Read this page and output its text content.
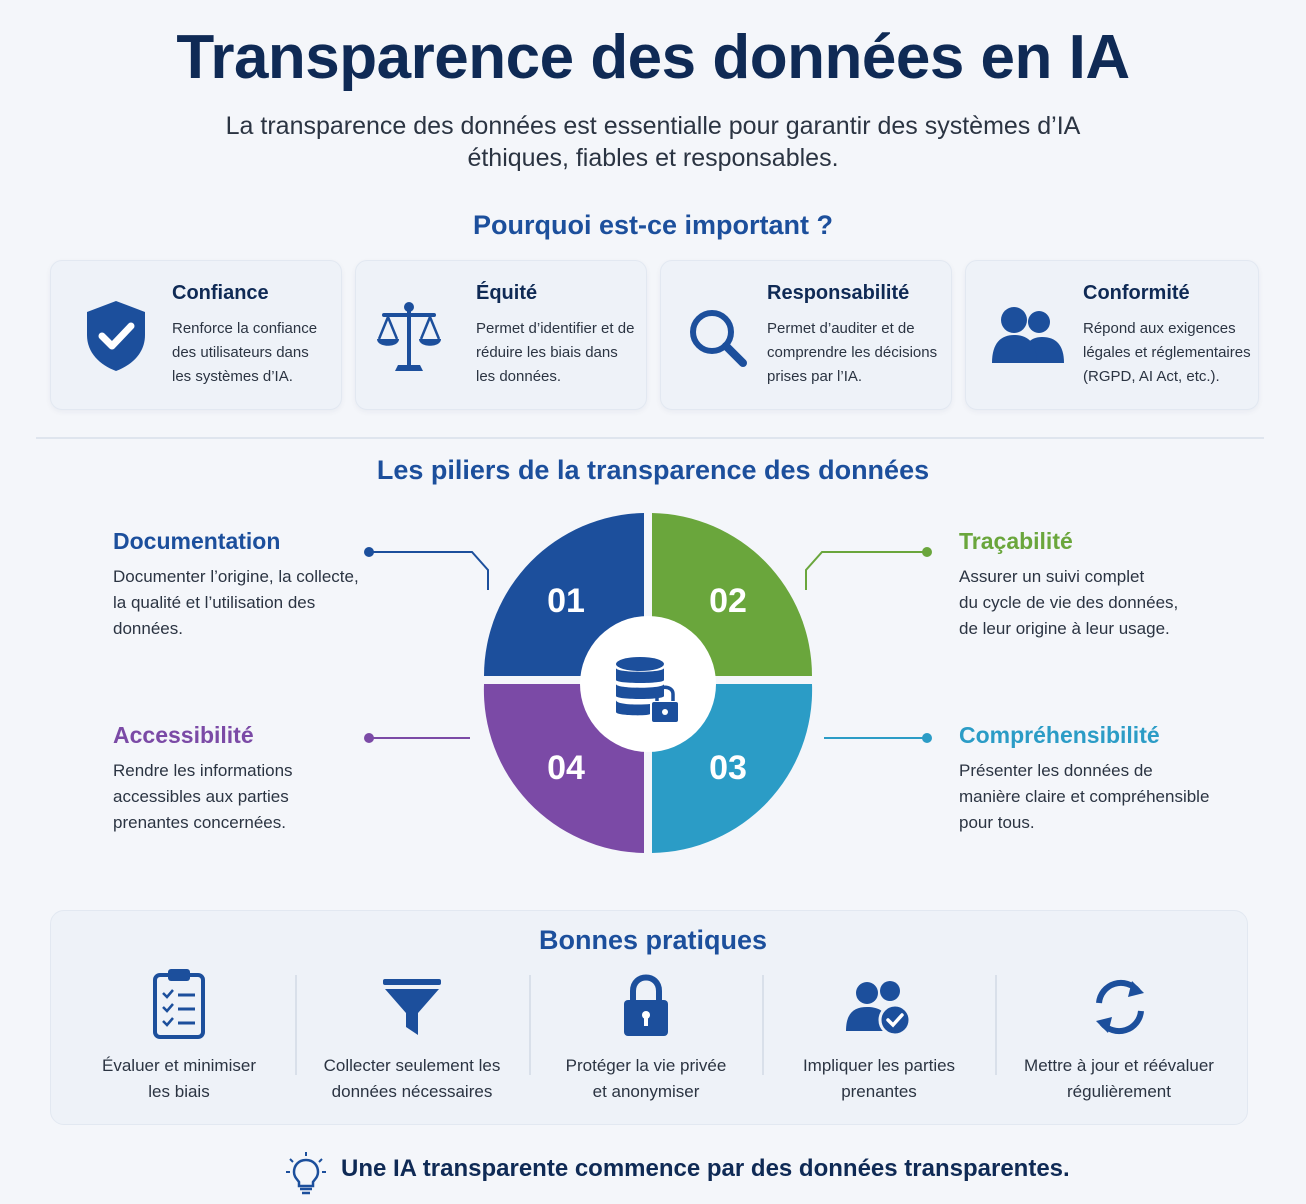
Transparence des données en IA
La transparence des données est essentialle pour garantir des systèmes d’IA
éthiques, fiables et responsables.
Pourquoi est-ce important ?
Confiance
Renforce la confiance
des utilisateurs dans
les systèmes d’IA.
Équité
Permet d’identifier et de
réduire les biais dans
les données.
Responsabilité
Permet d’auditer et de
comprendre les décisions
prises par l’IA.
Conformité
Répond aux exigences
légales et réglementaires
(RGPD, AI Act, etc.).
Les piliers de la transparence des données
01	02
03
04
Documentation
Documenter l’origine, la collecte,
la qualité et l’utilisation des
données.
Traçabilité
Assurer un suivi complet
du cycle de vie des données,
de leur origine à leur usage.
Compréhensibilité
Présenter les données de
manière claire et compréhensible
pour tous.
Accessibilité
Rendre les informations
accessibles aux parties
prenantes concernées.
Bonnes pratiques
Évaluer et minimiser
les biais
Collecter seulement les
données nécessaires
Protéger la vie privée
et anonymiser
Impliquer les parties
prenantes
Mettre à jour et réévaluer
régulièrement
Une IA transparente commence par des données transparentes.
